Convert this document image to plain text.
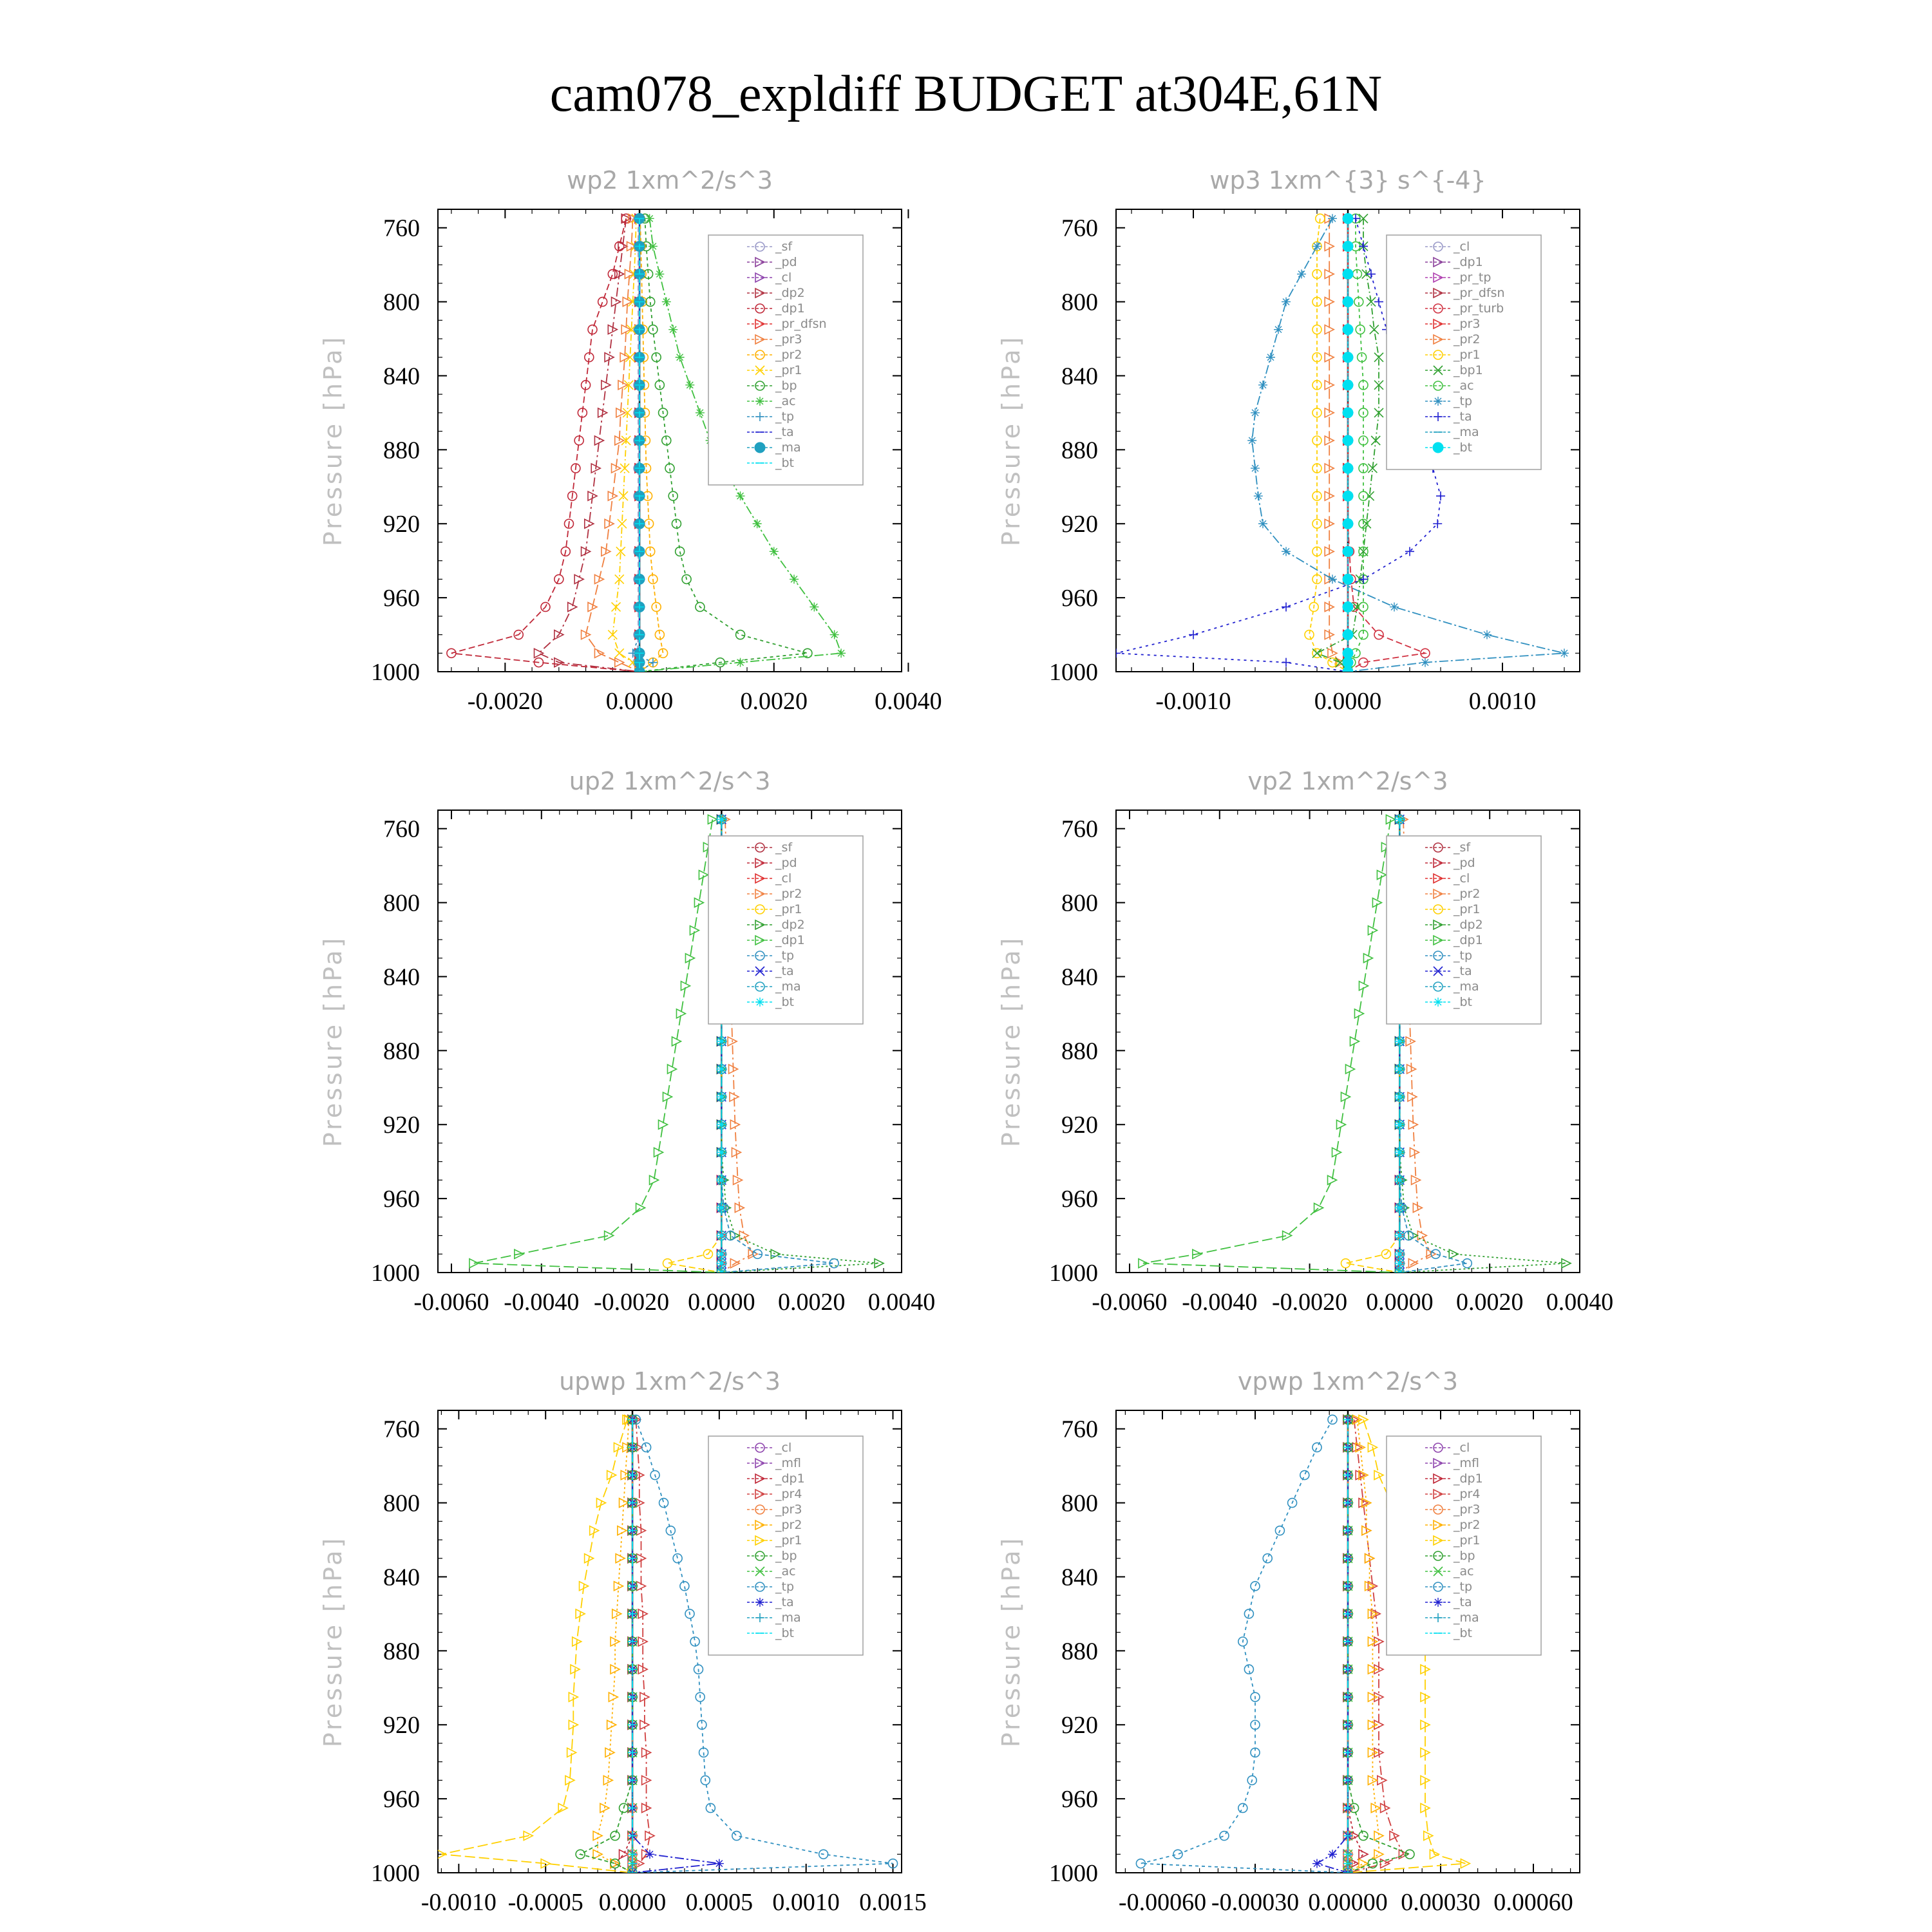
cam078_expldiff BUDGET at304E,61N
wp2 1xm^2/s^3
Pressure [hPa]
760
800
840
880
920
960
1000
-0.0020	0.0000	0.0020	0.0040
_sf
_pd
_cl
_dp2
_dp1
_pr_dfsn
_pr3
_pr2
_pr1
_bp
_ac
_tp
_ta
_ma
_bt
wp3 1xm^{3} s^{-4}
Pressure [hPa]
760
800
840
880
920
960
1000
-0.0010	0.0000	0.0010
_cl
_dp1
_pr_tp
_pr_dfsn
_pr_turb
_pr3
_pr2
_pr1
_bp1
_ac
_tp
_ta
_ma
_bt
up2 1xm^2/s^3
Pressure [hPa]
760
800
840
880
920
960
1000
-0.0060 -0.0040 -0.0020 0.0000 0.0020 0.0040
_sf
_pd
_cl
_pr2
_pr1
_dp2
_dp1
_tp
_ta
_ma
_bt
vp2 1xm^2/s^3
Pressure [hPa]
760
800
840
880
920
960
1000
-0.0060 -0.0040 -0.0020 0.0000 0.0020 0.0040
_sf
_pd
_cl
_pr2
_pr1
_dp2
_dp1
_tp
_ta
_ma
_bt
upwp 1xm^2/s^3
Pressure [hPa]
760
800
840
880
920
960
1000
-0.0010 -0.0005 0.0000 0.0005 0.0010 0.0015
_cl
_mfl
_dp1
_pr4
_pr3
_pr2
_pr1
_bp
_ac
_tp
_ta
_ma
_bt
vpwp 1xm^2/s^3
Pressure [hPa]
760
800
840
880
920
960
1000
-0.00060 -0.00030 0.00000 0.00030 0.00060
_cl
_mfl
_dp1
_pr4
_pr3
_pr2
_pr1
_bp
_ac
_tp
_ta
_ma
_bt
